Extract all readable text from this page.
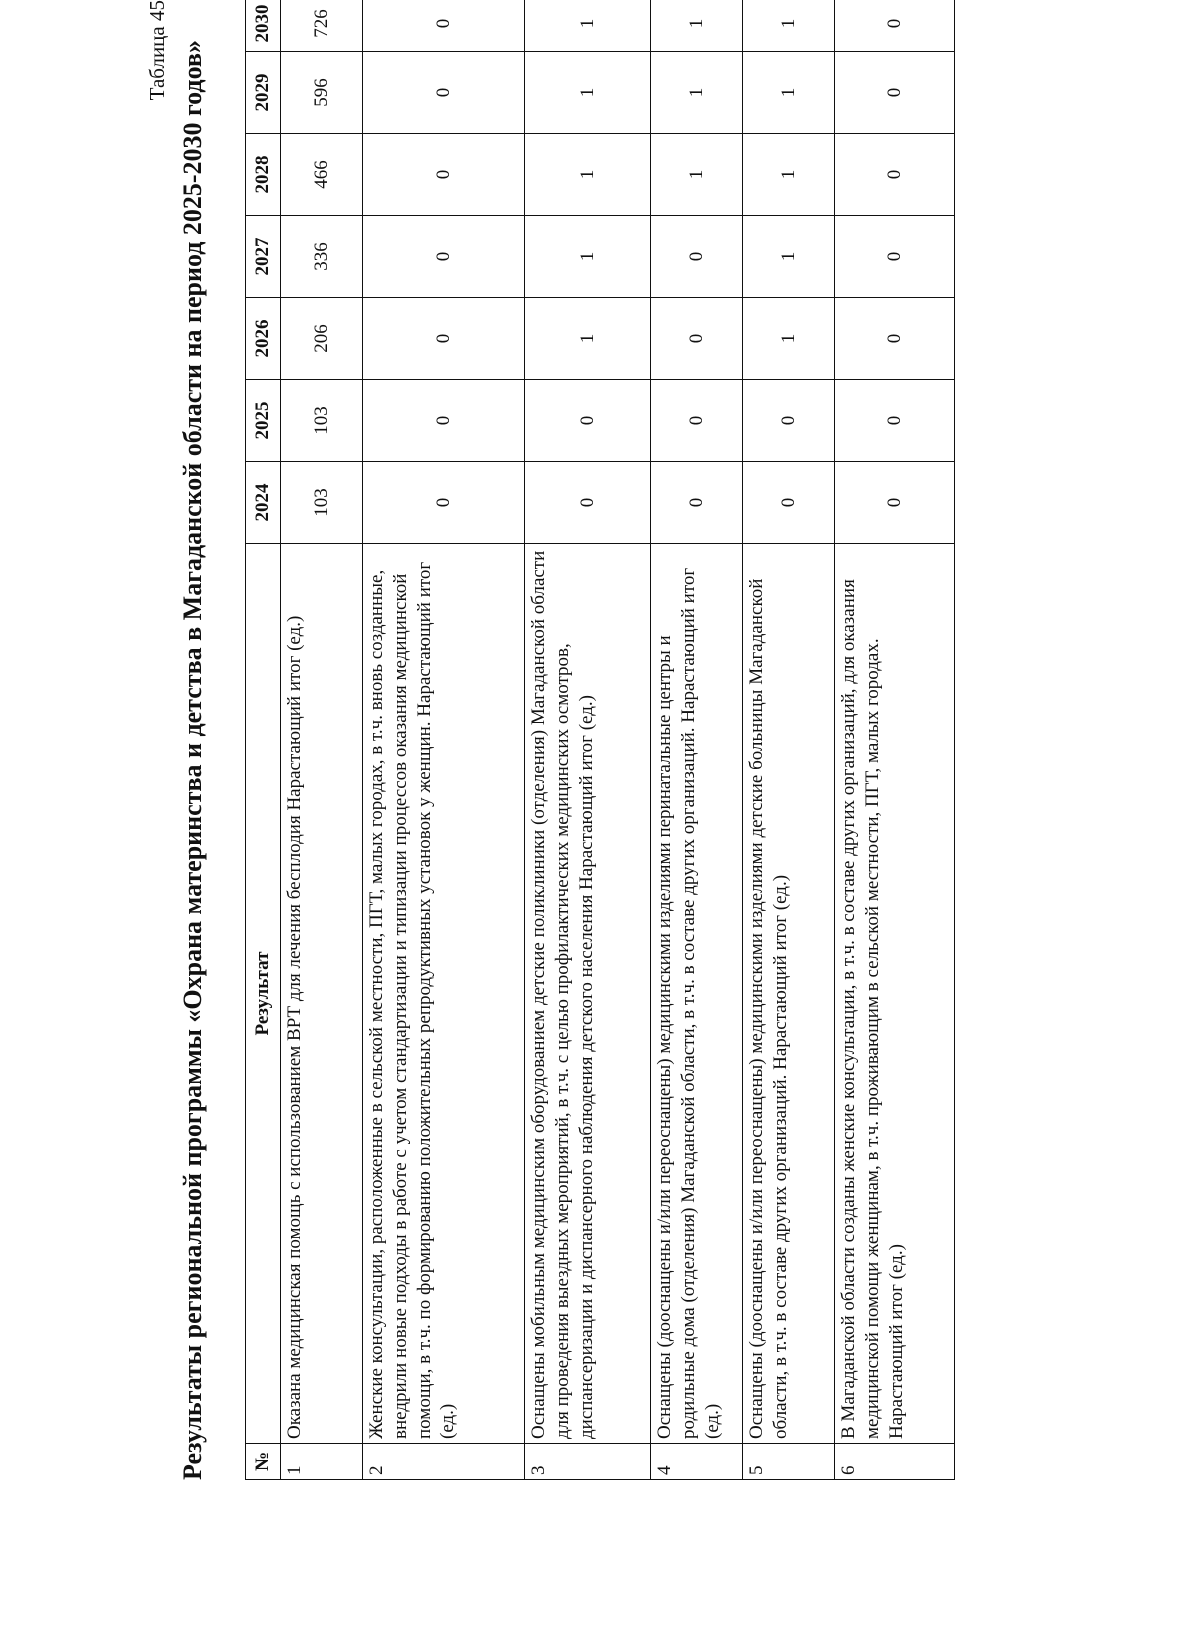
Таблица 45 Результаты региональной программы «Охрана материнства и детства в Магаданской области на период 2025-2030 годов» №	Результат	2024	2025	2026	2027	2028	2029	2030
1	Оказана медицинская помощь с использованием ВРТ для лечения бесплодия Нарастающий итог (ед.)	103	103	206	336	466	596	726
2	Женские консультации, расположенные в сельской местности, ПГТ, малых городах, в т.ч. вновь созданные, внедрили новые подходы в работе с учетом стандартизации и типизации процессов оказания медицинской помощи, в т.ч. по формированию положительных репродуктивных установок у женщин. Нарастающий итог (ед.)	0	0	0	0	0	0	0
3	Оснащены мобильным медицинским оборудованием детские поликлиники (отделения) Магаданской области для проведения выездных мероприятий, в т.ч. с целью профилактических медицинских осмотров, диспансеризации и диспансерного наблюдения детского населения Нарастающий итог (ед.)	0	0	1	1	1	1	1
4	Оснащены (дооснащены и/или переоснащены) медицинскими изделиями перинатальные центры и родильные дома (отделения) Магаданской области, в т.ч. в составе других организаций. Нарастающий итог (ед.)	0	0	0	0	1	1	1
5	Оснащены (дооснащены и/или переоснащены) медицинскими изделиями детские больницы Магаданской области, в т.ч. в составе других организаций. Нарастающий итог (ед.)	0	0	1	1	1	1	1
6	В Магаданской области созданы женские консультации, в т.ч. в составе других организаций, для оказания медицинской помощи женщинам, в т.ч. проживающим в сельской местности, ПГТ, малых городах. Нарастающий итог (ед.)	0	0	0	0	0	0	0
